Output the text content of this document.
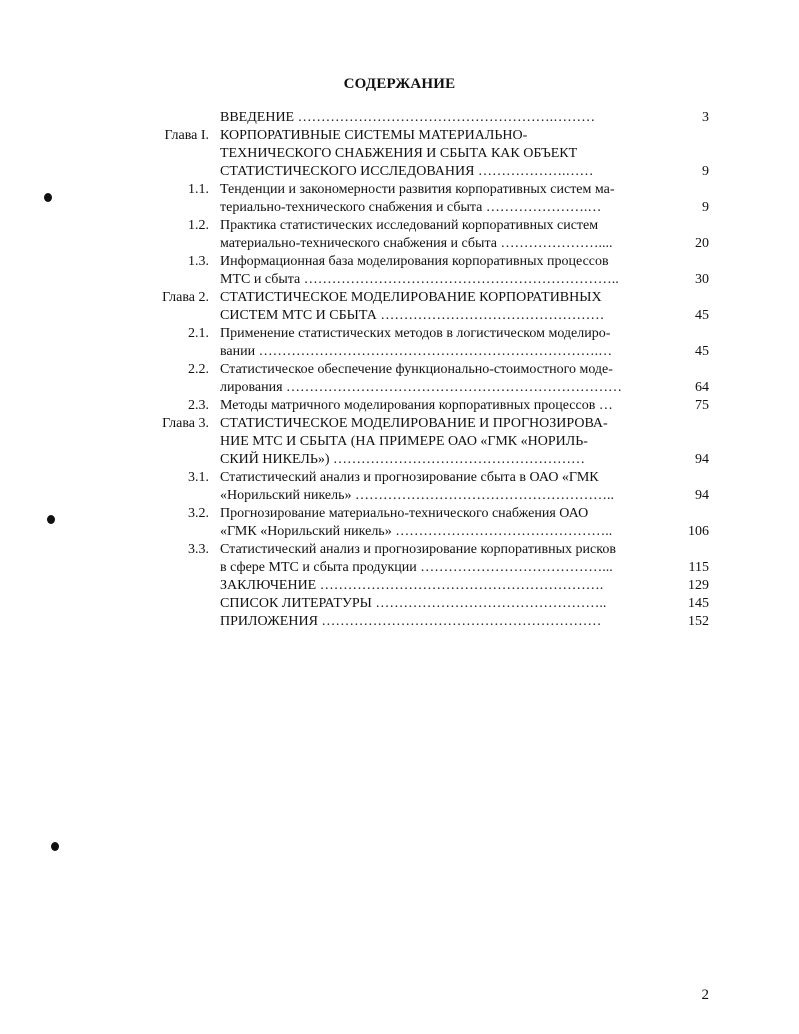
СОДЕРЖАНИЕ
ВВЕДЕНИЕ ……………………………………………….………	3
Глава I. КОРПОРАТИВНЫЕ СИСТЕМЫ МАТЕРИАЛЬНО-
ТЕХНИЧЕСКОГО СНАБЖЕНИЯ И СБЫТА КАК ОБЪЕКТ
СТАТИСТИЧЕСКОГО ИССЛЕДОВАНИЯ ……………….……	9
1.1. Тенденции и закономерности развития корпоративных систем ма-
териально-технического снабжения и сбыта ………………….…	9
1.2. Практика статистических исследований корпоративных систем
материально-технического снабжения и сбыта …………………....	20
1.3. Информационная база моделирования корпоративных процессов
МТС и сбыта …………………………………………………………..	30
Глава 2. СТАТИСТИЧЕСКОЕ МОДЕЛИРОВАНИЕ КОРПОРАТИВНЫХ
СИСТЕМ МТС И СБЫТА …………………………………………	45
2.1. Применение статистических методов в логистическом моделиро-
вании ……………………………………………………………….…	45
2.2. Статистическое обеспечение функционально-стоимостного моде-
лирования ………………………………………………………………	64
2.3. Методы матричного моделирования корпоративных процессов …	75
Глава 3. СТАТИСТИЧЕСКОЕ МОДЕЛИРОВАНИЕ И ПРОГНОЗИРОВА-
НИЕ МТС И СБЫТА (НА ПРИМЕРЕ ОАО «ГМК «НОРИЛЬ-
СКИЙ НИКЕЛЬ») ………………………………………………	94
3.1. Статистический анализ и прогнозирование сбыта в ОАО «ГМК
«Норильский никель» ………………………………………………..	94
3.2. Прогнозирование материально-технического снабжения ОАО
«ГМК «Норильский никель» ………………………………………..	106
3.3. Статистический анализ и прогнозирование корпоративных рисков
в сфере МТС и сбыта продукции …………………………………...	115
ЗАКЛЮЧЕНИЕ …………………………………………………….	129
СПИСОК ЛИТЕРАТУРЫ …………………………………………..	145
ПРИЛОЖЕНИЯ ……………………………………………………	152
2
